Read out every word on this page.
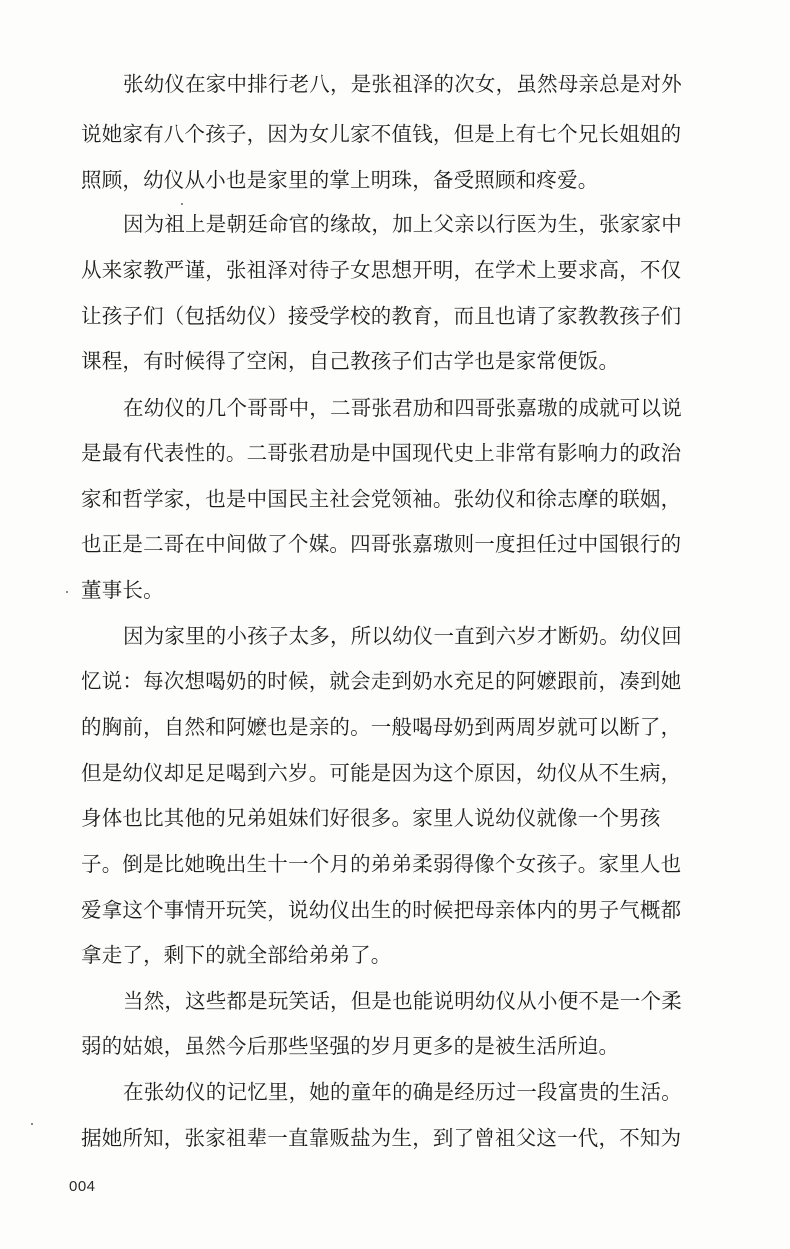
张幼仪在家中排行老八，是张祖泽的次女，虽然母亲总是对外
说她家有八个孩子，因为女儿家不值钱，但是上有七个兄长姐姐的
照顾，幼仪从小也是家里的掌上明珠，备受照顾和疼爱。
因为祖上是朝廷命官的缘故，加上父亲以行医为生，张家家中
从来家教严谨，张祖泽对待子女思想开明，在学术上要求高，不仅
让孩子们（包括幼仪）接受学校的教育，而且也请了家教教孩子们
课程，有时候得了空闲，自己教孩子们古学也是家常便饭。
在幼仪的几个哥哥中，二哥张君劢和四哥张嘉璈的成就可以说
是最有代表性的。二哥张君劢是中国现代史上非常有影响力的政治
家和哲学家，也是中国民主社会党领袖。张幼仪和徐志摩的联姻，
也正是二哥在中间做了个媒。四哥张嘉璈则一度担任过中国银行的
董事长。
因为家里的小孩子太多，所以幼仪一直到六岁才断奶。幼仪回
忆说：每次想喝奶的时候，就会走到奶水充足的阿嬷跟前，凑到她
的胸前，自然和阿嬷也是亲的。一般喝母奶到两周岁就可以断了，
但是幼仪却足足喝到六岁。可能是因为这个原因，幼仪从不生病，
身体也比其他的兄弟姐妹们好很多。家里人说幼仪就像一个男孩
子。倒是比她晚出生十一个月的弟弟柔弱得像个女孩子。家里人也
爱拿这个事情开玩笑，说幼仪出生的时候把母亲体内的男子气概都
拿走了，剩下的就全部给弟弟了。
当然，这些都是玩笑话，但是也能说明幼仪从小便不是一个柔
弱的姑娘，虽然今后那些坚强的岁月更多的是被生活所迫。
在张幼仪的记忆里，她的童年的确是经历过一段富贵的生活。
据她所知，张家祖辈一直靠贩盐为生，到了曾祖父这一代，不知为
004
